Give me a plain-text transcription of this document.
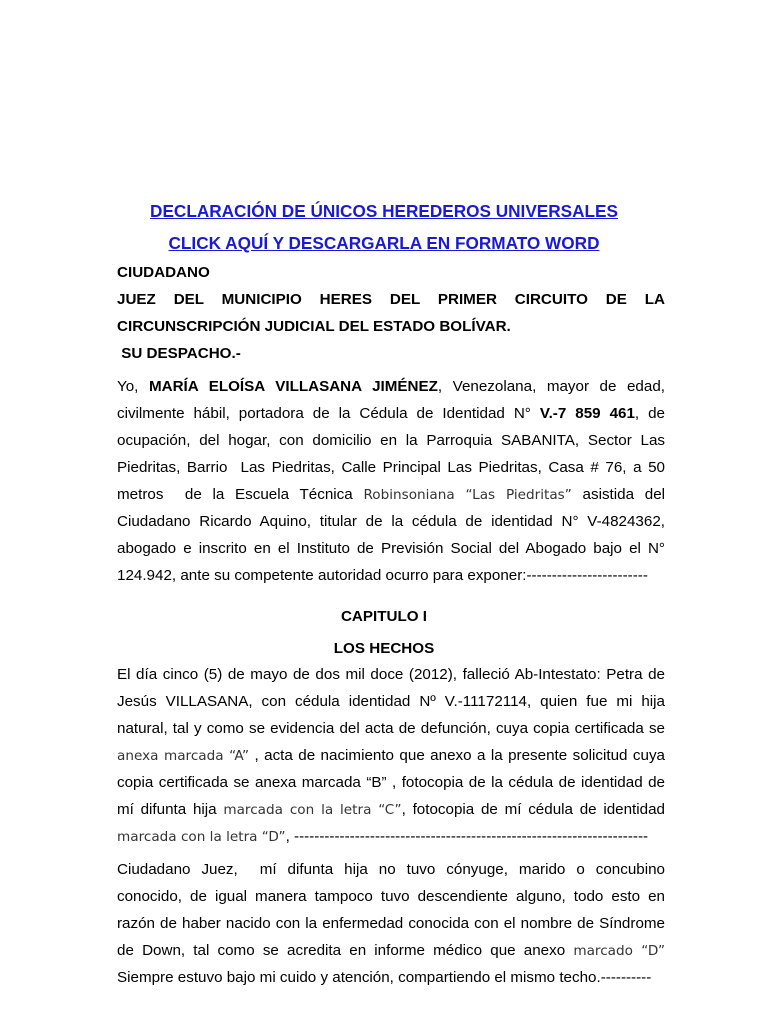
DECLARACIÓN DE ÚNICOS HEREDEROS UNIVERSALES
CLICK AQUÍ Y DESCARGARLA EN FORMATO WORD
CIUDADANO
JUEZ DEL MUNICIPIO HERES DEL PRIMER CIRCUITO DE LA
CIRCUNSCRIPCIÓN JUDICIAL DEL ESTADO BOLÍVAR.
SU DESPACHO.-
Yo, MARÍA ELOÍSA VILLASANA JIMÉNEZ, Venezolana, mayor de edad,
civilmente hábil, portadora de la Cédula de Identidad N° V.-7 859 461, de
ocupación, del hogar, con domicilio en la Parroquia SABANITA, Sector Las
Piedritas, Barrio  Las Piedritas, Calle Principal Las Piedritas, Casa # 76, a 50
metros  de la Escuela Técnica Robinsoniana “Las Piedritas” asistida del
Ciudadano Ricardo Aquino, titular de la cédula de identidad N° V-4824362,
abogado e inscrito en el Instituto de Previsión Social del Abogado bajo el N°
124.942, ante su competente autoridad ocurro para exponer:------------------------
CAPITULO I
LOS HECHOS
El día cinco (5) de mayo de dos mil doce (2012), falleció Ab-Intestato: Petra de
Jesús VILLASANA, con cédula identidad Nº V.-11172114, quien fue mi hija
natural, tal y como se evidencia del acta de defunción, cuya copia certificada se
anexa marcada “A” , acta de nacimiento que anexo a la presente solicitud cuya
copia certificada se anexa marcada “B” , fotocopia de la cédula de identidad de
mí difunta hija marcada con la letra “C”, fotocopia de mí cédula de identidad
marcada con la letra “D”, ----------------------------------------------------------------------
Ciudadano Juez,  mí difunta hija no tuvo cónyuge, marido o concubino
conocido, de igual manera tampoco tuvo descendiente alguno, todo esto en
razón de haber nacido con la enfermedad conocida con el nombre de Síndrome
de Down, tal como se acredita en informe médico que anexo marcado “D”
Siempre estuvo bajo mi cuido y atención, compartiendo el mismo techo.----------
